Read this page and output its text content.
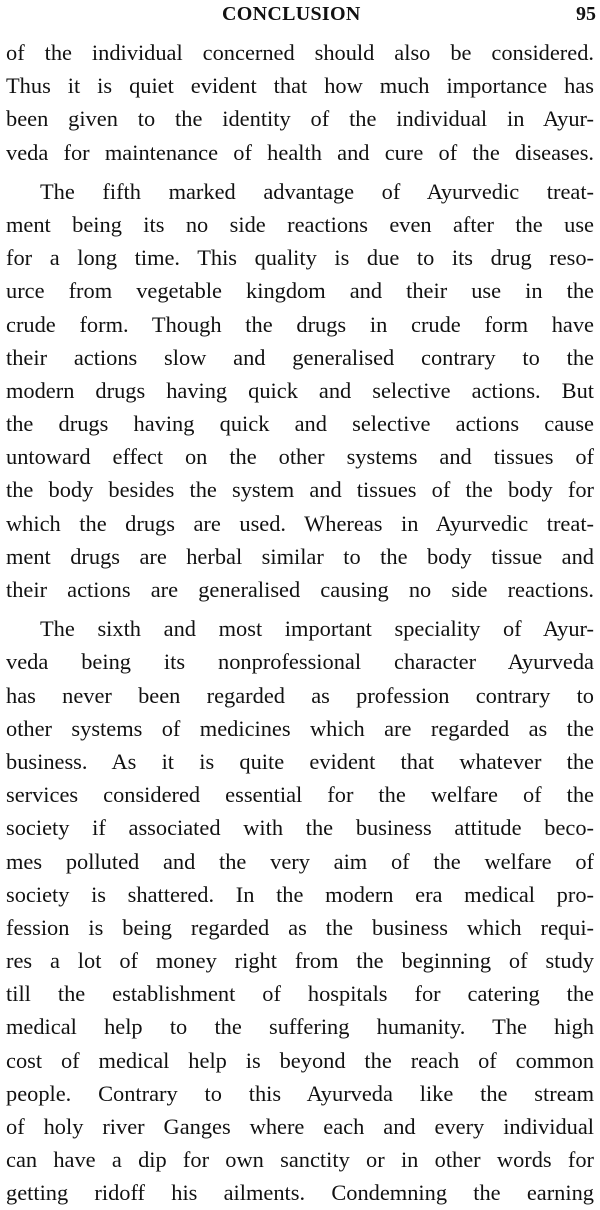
CONCLUSION	95
of the individual concerned should also be considered.
Thus it is quiet evident that how much importance has
been given to the identity of the individual in Ayur-
veda for maintenance of health and cure of the diseases.
The fifth marked advantage of Ayurvedic treat-
ment being its no side reactions even after the use
for a long time. This quality is due to its drug reso-
urce from vegetable kingdom and their use in the
crude form. Though the drugs in crude form have
their actions slow and generalised contrary to the
modern drugs having quick and selective actions. But
the drugs having quick and selective actions cause
untoward effect on the other systems and tissues of
the body besides the system and tissues of the body for
which the drugs are used. Whereas in Ayurvedic treat-
ment drugs are herbal similar to the body tissue and
their actions are generalised causing no side reactions.
The sixth and most important speciality of Ayur-
veda being its nonprofessional character Ayurveda
has never been regarded as profession contrary to
other systems of medicines which are regarded as the
business. As it is quite evident that whatever the
services considered essential for the welfare of the
society if associated with the business attitude beco-
mes polluted and the very aim of the welfare of
society is shattered. In the modern era medical pro-
fession is being regarded as the business which requi-
res a lot of money right from the beginning of study
till the establishment of hospitals for catering the
medical help to the suffering humanity. The high
cost of medical help is beyond the reach of common
people. Contrary to this Ayurveda like the stream
of holy river Ganges where each and every individual
can have a dip for own sanctity or in other words for
getting ridoff his ailments. Condemning the earning
